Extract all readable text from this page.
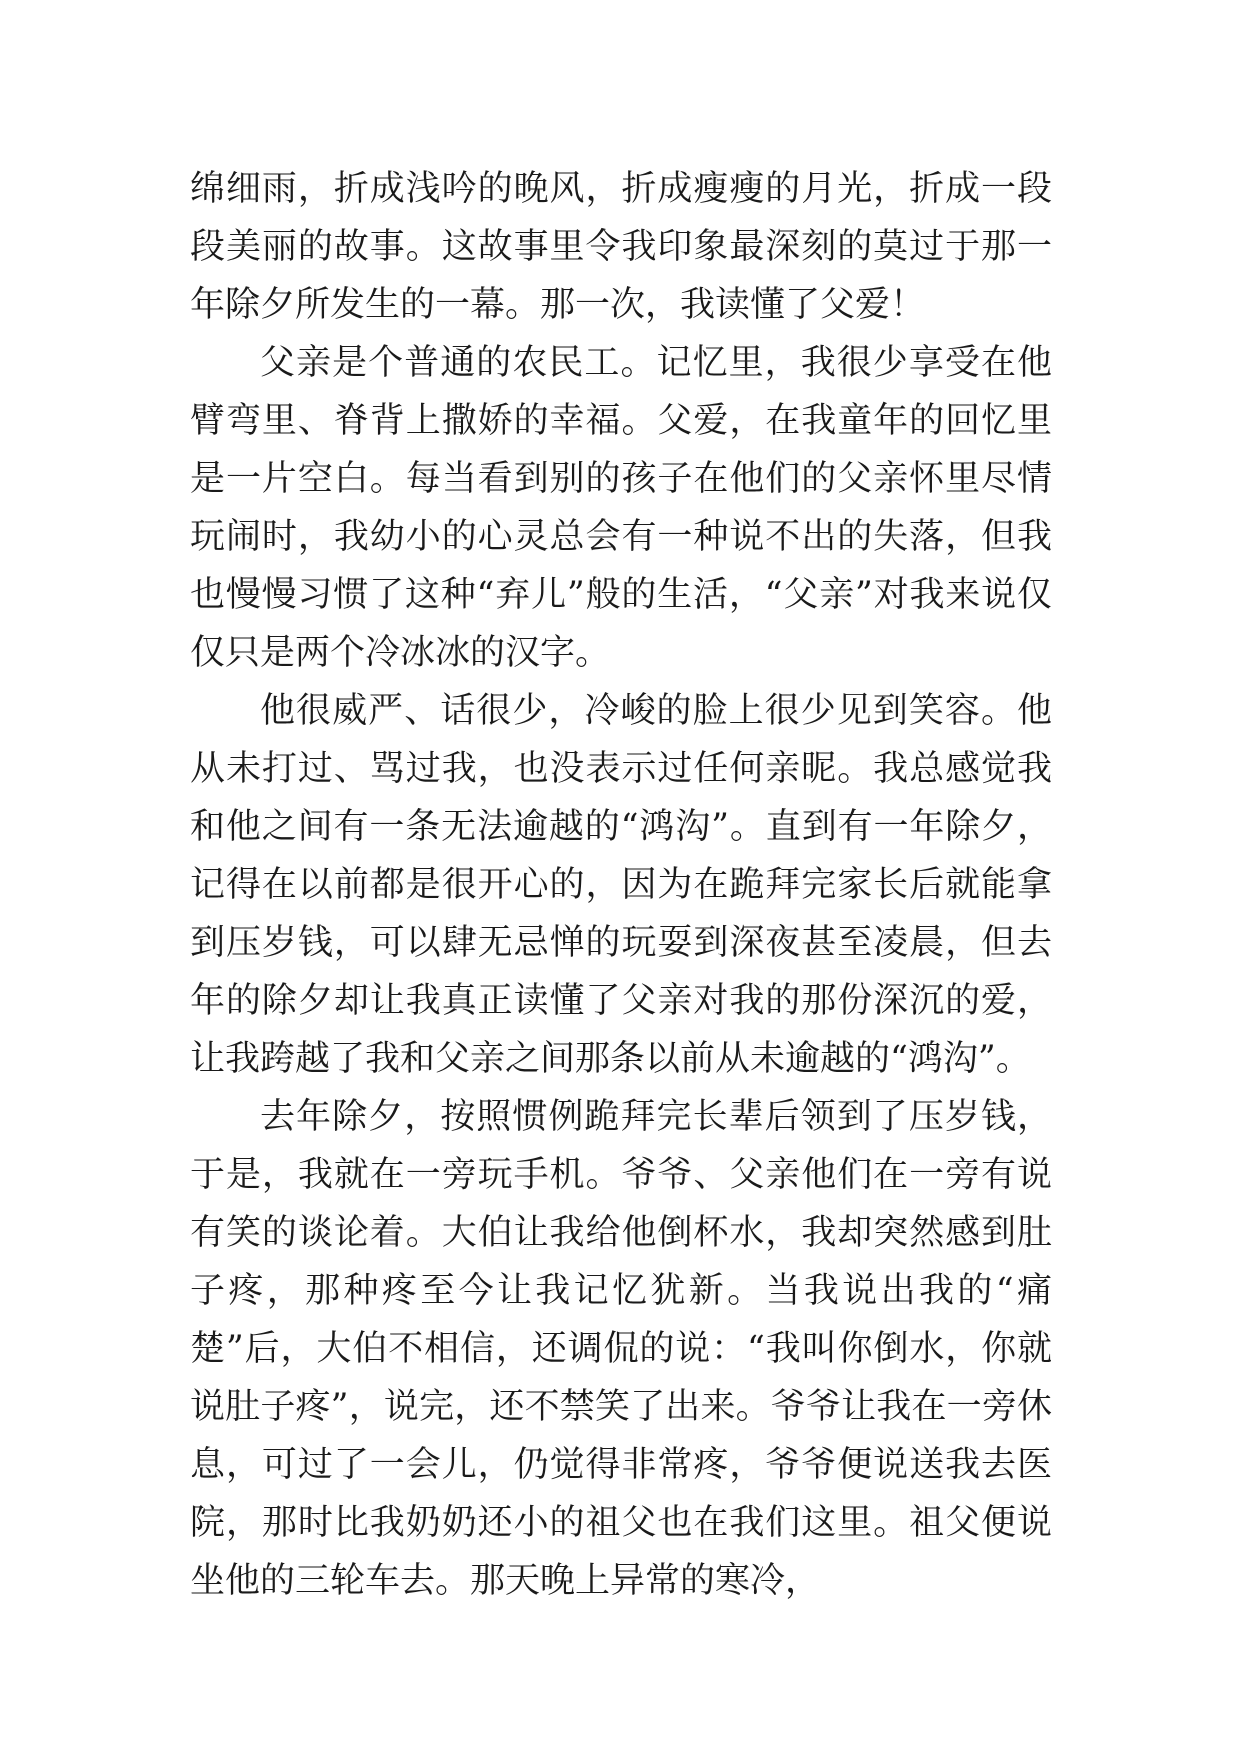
绵细雨，折成浅吟的晚风，折成瘦瘦的月光，折成一段段美丽的故事。这故事里令我印象最深刻的莫过于那一年除夕所发生的一幕。那一次，我读懂了父爱！

父亲是个普通的农民工。记忆里，我很少享受在他臂弯里、脊背上撒娇的幸福。父爱，在我童年的回忆里是一片空白。每当看到别的孩子在他们的父亲怀里尽情玩闹时，我幼小的心灵总会有一种说不出的失落，但我也慢慢习惯了这种“弃儿”般的生活，“父亲”对我来说仅仅只是两个冷冰冰的汉字。

他很威严、话很少，冷峻的脸上很少见到笑容。他从未打过、骂过我，也没表示过任何亲昵。我总感觉我和他之间有一条无法逾越的“鸿沟”。直到有一年除夕，记得在以前都是很开心的，因为在跪拜完家长后就能拿到压岁钱，可以肆无忌惮的玩耍到深夜甚至凌晨，但去年的除夕却让我真正读懂了父亲对我的那份深沉的爱，让我跨越了我和父亲之间那条以前从未逾越的“鸿沟”。

去年除夕，按照惯例跪拜完长辈后领到了压岁钱，于是，我就在一旁玩手机。爷爷、父亲他们在一旁有说有笑的谈论着。大伯让我给他倒杯水，我却突然感到肚子疼，那种疼至今让我记忆犹新。当我说出我的“痛楚”后，大伯不相信，还调侃的说：“我叫你倒水，你就说肚子疼”，说完，还不禁笑了出来。爷爷让我在一旁休息，可过了一会儿，仍觉得非常疼，爷爷便说送我去医院，那时比我奶奶还小的祖父也在我们这里。祖父便说坐他的三轮车去。那天晚上异常的寒冷，
